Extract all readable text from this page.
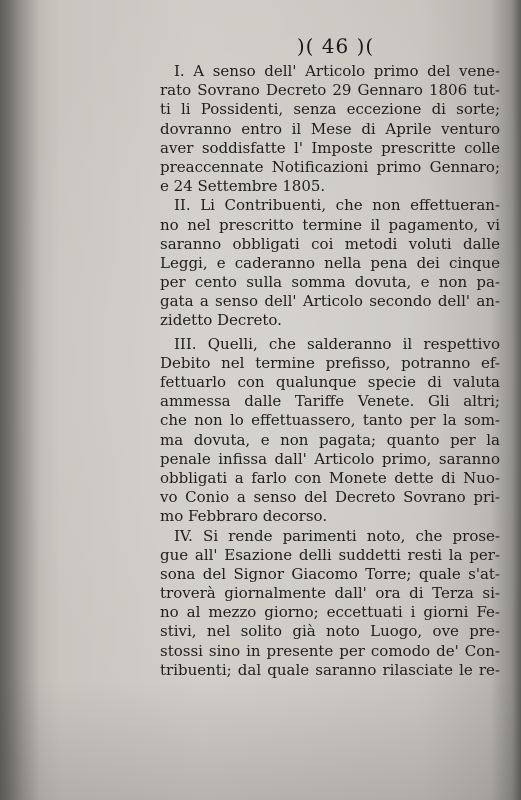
)( 46 )(
I. A senso dell' Articolo primo del vene-
rato Sovrano Decreto 29 Gennaro 1806 tut-
ti li Possidenti, senza eccezione di sorte;
dovranno entro il Mese di Aprile venturo
aver soddisfatte l' Imposte prescritte colle
preaccennate Notificazioni primo Gennaro;
e 24 Settembre 1805.
II. Li Contribuenti, che non effettueran-
no nel prescritto termine il pagamento, vi
saranno obbligati coi metodi voluti dalle
Leggi, e caderanno nella pena dei cinque
per cento sulla somma dovuta, e non pa-
gata a senso dell' Articolo secondo dell' an-
zidetto Decreto.
III. Quelli, che salderanno il respettivo
Debito nel termine prefisso, potranno ef-
fettuarlo con qualunque specie di valuta
ammessa dalle Tariffe Venete. Gli altri;
che non lo effettuassero, tanto per la som-
ma dovuta, e non pagata; quanto per la
penale infissa dall' Articolo primo, saranno
obbligati a farlo con Monete dette di Nuo-
vo Conio a senso del Decreto Sovrano pri-
mo Febbraro decorso.
IV. Si rende parimenti noto, che prose-
gue all' Esazione delli suddetti resti la per-
sona del Signor Giacomo Torre; quale s'at-
troverà giornalmente dall' ora di Terza si-
no al mezzo giorno; eccettuati i giorni Fe-
stivi, nel solito già noto Luogo, ove pre-
stossi sino in presente per comodo de' Con-
tribuenti; dal quale saranno rilasciate le re-
